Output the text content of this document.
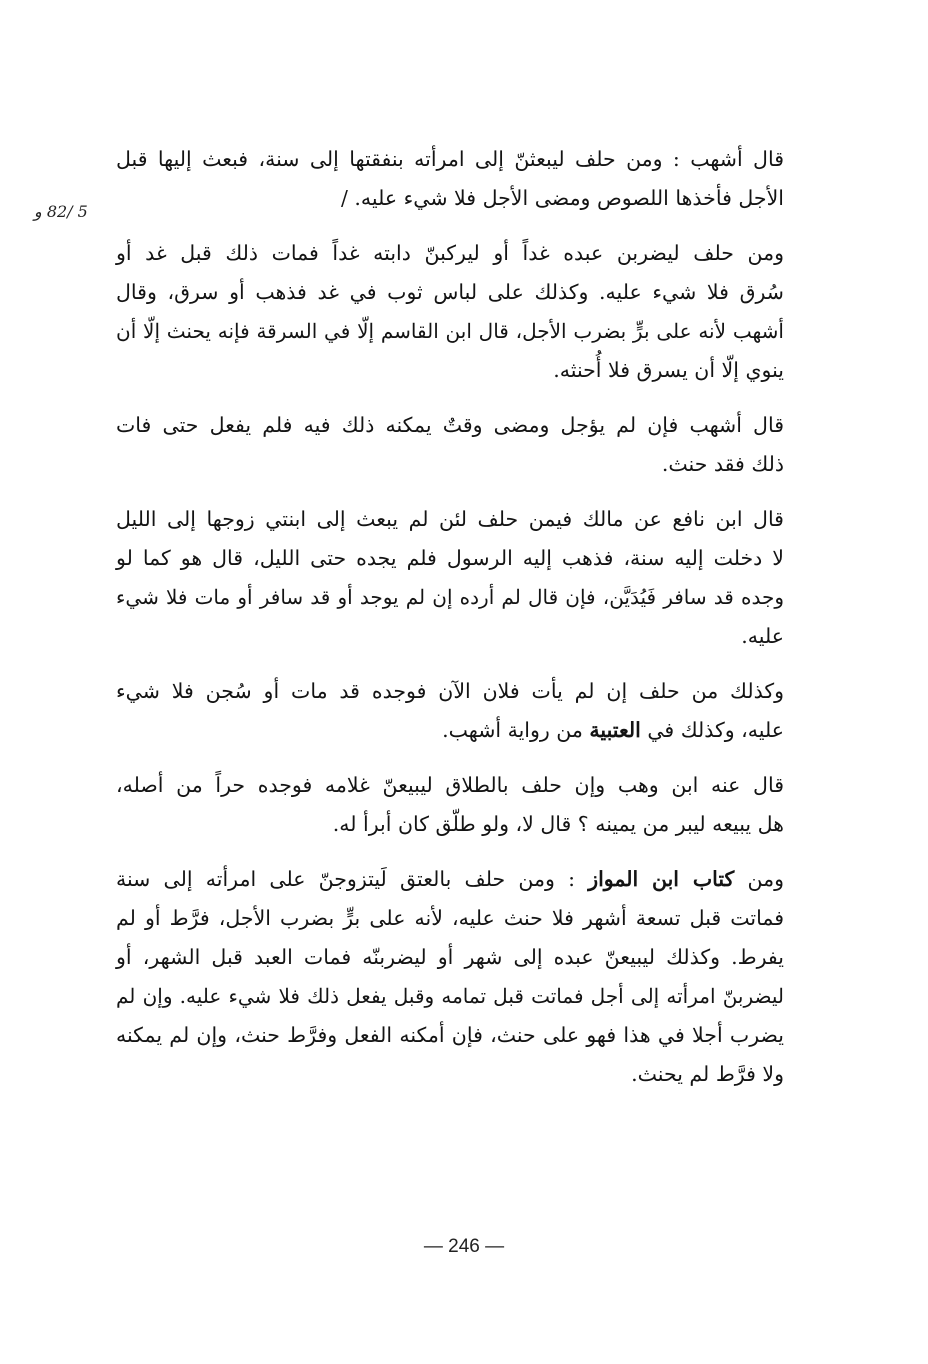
5 /82 و

قال أشهب : ومن حلف ليبعثنّ إلى امرأته بنفقتها إلى سنة، فبعث إليها قبل
الأجل فأخذها اللصوص ومضى الأجل فلا شيء عليه. /

ومن حلف ليضربن عبده غداً أو ليركبنّ دابته غداً فمات ذلك قبل غد أو
سُرق فلا شيء عليه. وكذلك على لباس ثوب في غد فذهب أو سرق، وقال
أشهب لأنه على برٍّ بضرب الأجل، قال ابن القاسم إلّا في السرقة فإنه يحنث إلّا أن
ينوي إلّا أن يسرق فلا أُحنثه.

قال أشهب فإن لم يؤجل ومضى وقتٌ يمكنه ذلك فيه فلم يفعل حتى فات
ذلك فقد حنث.

قال ابن نافع عن مالك فيمن حلف لئن لم يبعث إلى ابنتي زوجها إلى الليل
لا دخلت إليه سنة، فذهب إليه الرسول فلم يجده حتى الليل، قال هو كما لو
وجده قد سافر فَيُدَيَّن، فإن قال لم أرده إن لم يوجد أو قد سافر أو مات فلا شيء
عليه.

وكذلك من حلف إن لم يأت فلان الآن فوجده قد مات أو سُجن فلا شيء
عليه، وكذلك في العتبية من رواية أشهب.

قال عنه ابن وهب وإن حلف بالطلاق ليبيعنّ غلامه فوجده حراً من أصله،
هل يبيعه ليبر من يمينه ؟ قال لا، ولو طلّق كان أبرأ له.

ومن كتاب ابن المواز : ومن حلف بالعتق لَيتزوجنّ على امرأته إلى سنة
فماتت قبل تسعة أشهر فلا حنث عليه، لأنه على برٍّ بضرب الأجل، فرَّط أو لم
يفرط. وكذلك ليبيعنّ عبده إلى شهر أو ليضربنّه فمات العبد قبل الشهر، أو
ليضربنّ امرأته إلى أجل فماتت قبل تمامه وقبل يفعل ذلك فلا شيء عليه. وإن لم
يضرب أجلا في هذا فهو على حنث، فإن أمكنه الفعل وفرَّط حنث، وإن لم يمكنه
ولا فرَّط لم يحنث.

— 246 —
